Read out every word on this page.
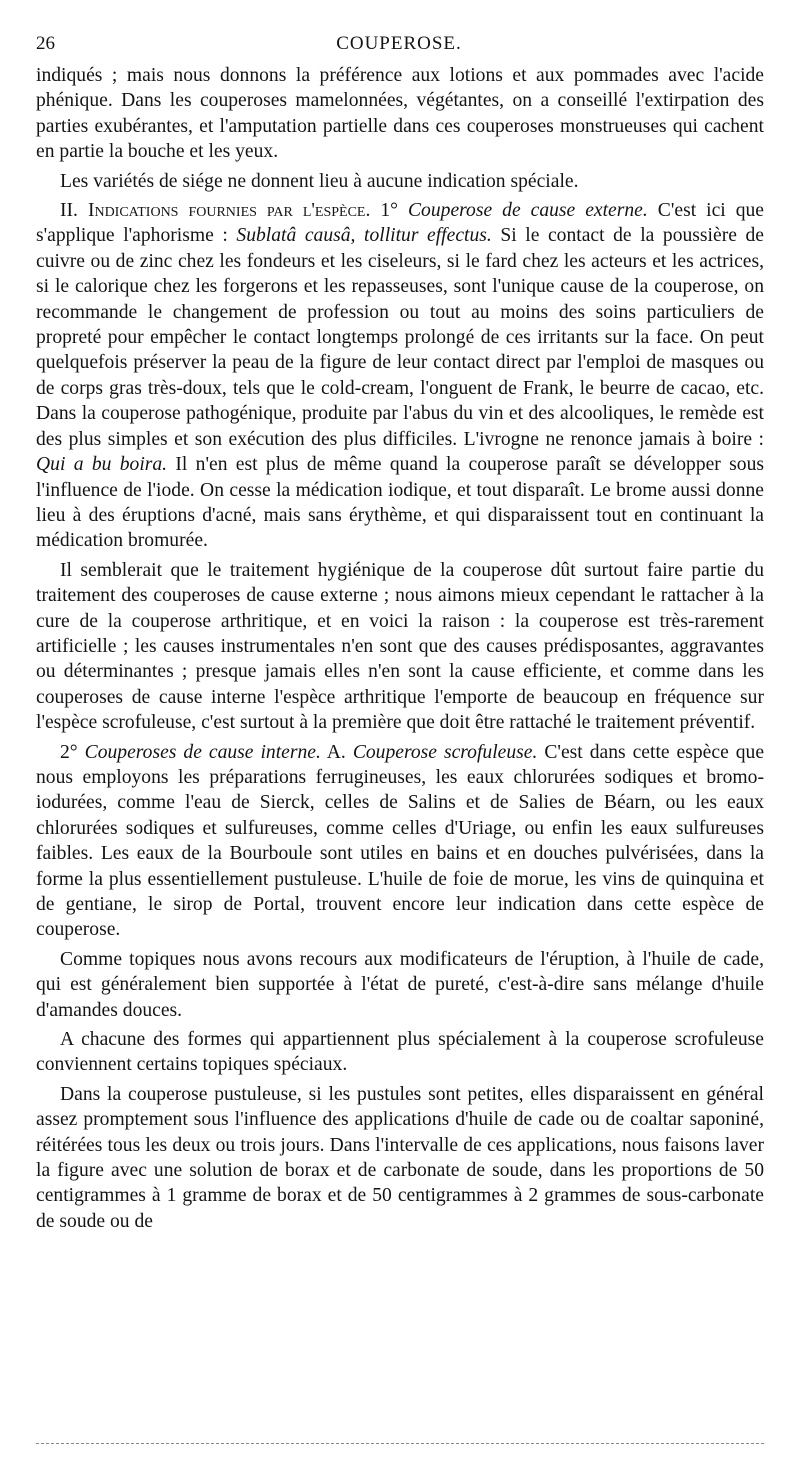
26	COUPEROSE.

indiqués ; mais nous donnons la préférence aux lotions et aux pommades avec l'acide phénique. Dans les couperoses mamelonnées, végétantes, on a conseillé l'extirpation des parties exubérantes, et l'amputation partielle dans ces couperoses monstrueuses qui cachent en partie la bouche et les yeux.

Les variétés de siége ne donnent lieu à aucune indication spéciale.

II. Indications fournies par l'espèce. 1° Couperose de cause externe. C'est ici que s'applique l'aphorisme : Sublatâ causâ, tollitur effectus. Si le contact de la poussière de cuivre ou de zinc chez les fondeurs et les ciseleurs, si le fard chez les acteurs et les actrices, si le calorique chez les forgerons et les repasseuses, sont l'unique cause de la couperose, on recommande le changement de profession ou tout au moins des soins particuliers de propreté pour empêcher le contact longtemps prolongé de ces irritants sur la face. On peut quelquefois préserver la peau de la figure de leur contact direct par l'emploi de masques ou de corps gras très-doux, tels que le cold-cream, l'onguent de Frank, le beurre de cacao, etc. Dans la couperose pathogénique, produite par l'abus du vin et des alcooliques, le remède est des plus simples et son exécution des plus difficiles. L'ivrogne ne renonce jamais à boire : Qui a bu boira. Il n'en est plus de même quand la couperose paraît se développer sous l'influence de l'iode. On cesse la médication iodique, et tout disparaît. Le brome aussi donne lieu à des éruptions d'acné, mais sans érythème, et qui disparaissent tout en continuant la médication bromurée.

Il semblerait que le traitement hygiénique de la couperose dût surtout faire partie du traitement des couperoses de cause externe ; nous aimons mieux cependant le rattacher à la cure de la couperose arthritique, et en voici la raison : la couperose est très-rarement artificielle ; les causes instrumentales n'en sont que des causes prédisposantes, aggravantes ou déterminantes ; presque jamais elles n'en sont la cause efficiente, et comme dans les couperoses de cause interne l'espèce arthritique l'emporte de beaucoup en fréquence sur l'espèce scrofuleuse, c'est surtout à la première que doit être rattaché le traitement préventif.

2° Couperoses de cause interne. A. Couperose scrofuleuse. C'est dans cette espèce que nous employons les préparations ferrugineuses, les eaux chlorurées sodiques et bromo-iodurées, comme l'eau de Sierck, celles de Salins et de Salies de Béarn, ou les eaux chlorurées sodiques et sulfureuses, comme celles d'Uriage, ou enfin les eaux sulfureuses faibles. Les eaux de la Bourboule sont utiles en bains et en douches pulvérisées, dans la forme la plus essentiellement pustuleuse. L'huile de foie de morue, les vins de quinquina et de gentiane, le sirop de Portal, trouvent encore leur indication dans cette espèce de couperose.

Comme topiques nous avons recours aux modificateurs de l'éruption, à l'huile de cade, qui est généralement bien supportée à l'état de pureté, c'est-à-dire sans mélange d'huile d'amandes douces.

A chacune des formes qui appartiennent plus spécialement à la couperose scrofuleuse conviennent certains topiques spéciaux.

Dans la couperose pustuleuse, si les pustules sont petites, elles disparaissent en général assez promptement sous l'influence des applications d'huile de cade ou de coaltar saponiné, réitérées tous les deux ou trois jours. Dans l'intervalle de ces applications, nous faisons laver la figure avec une solution de borax et de carbonate de soude, dans les proportions de 50 centigrammes à 1 gramme de borax et de 50 centigrammes à 2 grammes de sous-carbonate de soude ou de
